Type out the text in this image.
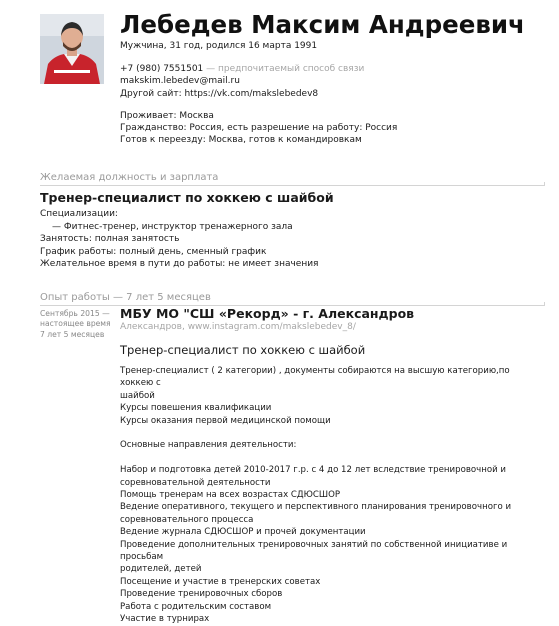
Лебедев Максим Андреевич
Мужчина, 31 год, родился 16 марта 1991
+7 (980) 7551501 — предпочитаемый способ связи
makskim.lebedev@mail.ru
Другой сайт: https://vk.com/makslebedev8
Проживает: Москва
Гражданство: Россия, есть разрешение на работу: Россия
Готов к переезду: Москва, готов к командировкам
Желаемая должность и зарплата
Тренер-специалист по хоккею с шайбой
Специализации:
— Фитнес-тренер, инструктор тренажерного зала
Занятость: полная занятость
График работы: полный день, сменный график
Желательное время в пути до работы: не имеет значения
Опыт работы — 7 лет 5 месяцев
Сентябрь 2015 —
настоящее время
7 лет 5 месяцев
МБУ МО "СШ «Рекорд» - г. Александров
Александров, www.instagram.com/makslebedev_8/
Тренер-специалист по хоккею с шайбой
Тренер-специалист ( 2 категории) , документы собираются на высшую категорию,по хоккею с
шайбой
Курсы повешения квалификации
Курсы оказания первой медицинской помощи
Основные направления деятельности:
Набор и подготовка детей 2010-2017 г.р. с 4 до 12 лет вследствие тренировочной и
соревновательной деятельности
Помощь тренерам на всех возрастах СДЮСШОР
Ведение оперативного, текущего и перспективного планирования тренировочного и
соревновательного процесса
Ведение журнала СДЮСШОР и прочей документации
Проведение дополнительных тренировочных занятий по собственной инициативе и просьбам
родителей, детей
Посещение и участие в тренерских советах
Проведение тренировочных сборов
Работа с родительским составом
Участие в турнирах
